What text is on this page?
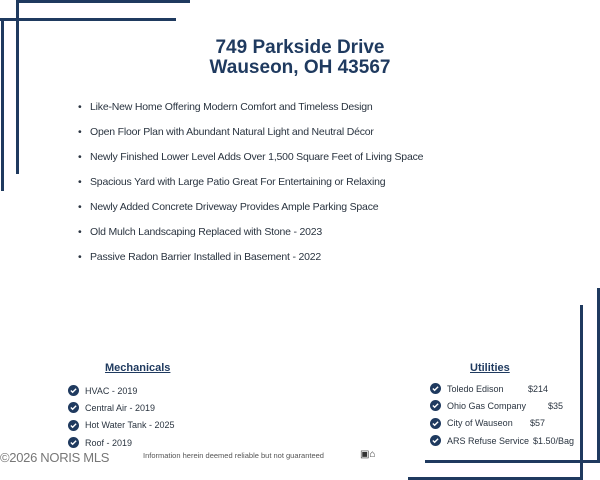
749 Parkside Drive
Wauseon, OH 43567
• Like-New Home Offering Modern Comfort and Timeless Design
• Open Floor Plan with Abundant Natural Light and Neutral Décor
• Newly Finished Lower Level Adds Over 1,500 Square Feet of Living Space
• Spacious Yard with Large Patio Great For Entertaining or Relaxing
• Newly Added Concrete Driveway Provides Ample Parking Space
• Old Mulch Landscaping Replaced with Stone - 2023
• Passive Radon Barrier Installed in Basement - 2022
Mechanicals
HVAC - 2019
Central Air - 2019
Hot Water Tank - 2025
Roof - 2019
Utilities
Toledo Edison	$214
Ohio Gas Company $35
City of Wauseon $57
ARS Refuse Service $1.50/Bag
©2026 NORIS MLS	Information herein deemed reliable but not guaranteed	▣⌂
